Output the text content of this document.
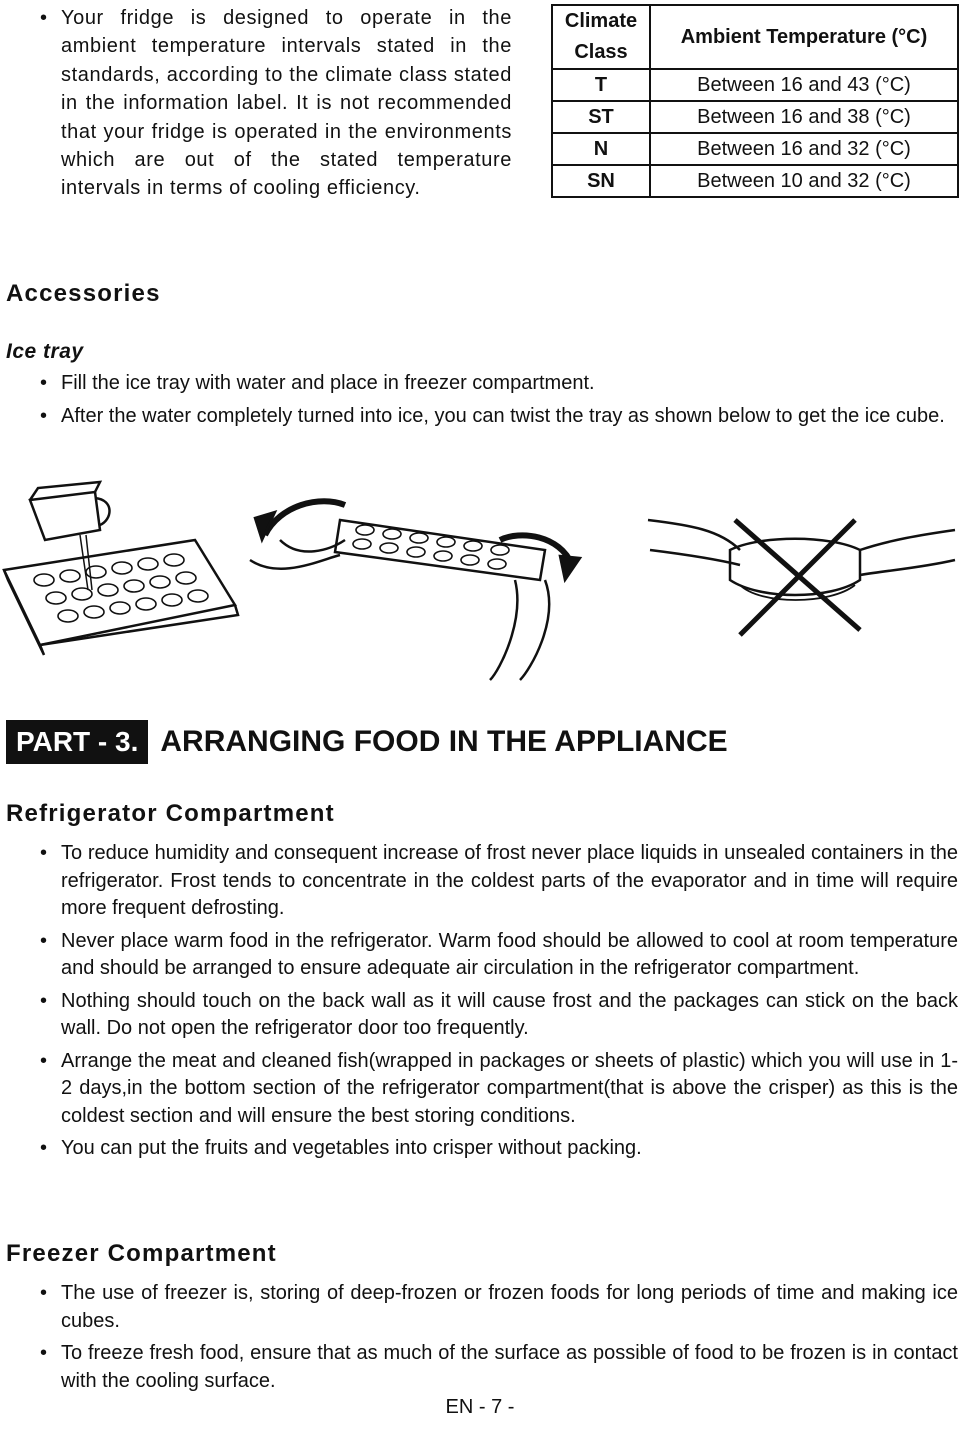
• Your fridge is designed to operate in the ambient temperature intervals stated in the standards, according to the climate class stated in the information label. It is not recommended that your fridge is operated in the environments which are out of the stated temperature intervals in terms of cooling efficiency.
Climate Class	Ambient Temperature (°C)
T	Between 16 and 43 (°C)
ST	Between 16 and 38 (°C)
N	Between 16 and 32 (°C)
SN	Between 10 and 32 (°C)
Accessories
Ice tray
• Fill the ice tray with water and place in freezer compartment.
• After the water completely turned into ice, you can twist the tray as shown below to get the ice cube.
PART - 3. ARRANGING FOOD IN THE APPLIANCE
Refrigerator Compartment
• To reduce humidity and consequent increase of frost never place liquids in unsealed containers in the refrigerator. Frost tends to concentrate in the coldest parts of the evaporator and in time will require more frequent defrosting.
• Never place warm food in the refrigerator. Warm food should be allowed to cool at room temperature and should be arranged to ensure adequate air circulation in the refrigerator compartment.
• Nothing should touch on the back wall as it will cause frost and the packages can stick on the back wall. Do not open the refrigerator door too frequently.
• Arrange the meat and cleaned fish(wrapped in packages or sheets of plastic) which you will use in 1-2 days,in the bottom section of the refrigerator compartment(that is above the crisper) as this is the coldest section and will ensure the best storing conditions.
• You can put the fruits and vegetables into crisper without packing.
Freezer Compartment
• The use of freezer is, storing of deep-frozen or frozen foods for long periods of time and making ice cubes.
• To freeze fresh food, ensure that as much of the surface as possible of food to be frozen is in contact with the cooling surface.
EN - 7 -
